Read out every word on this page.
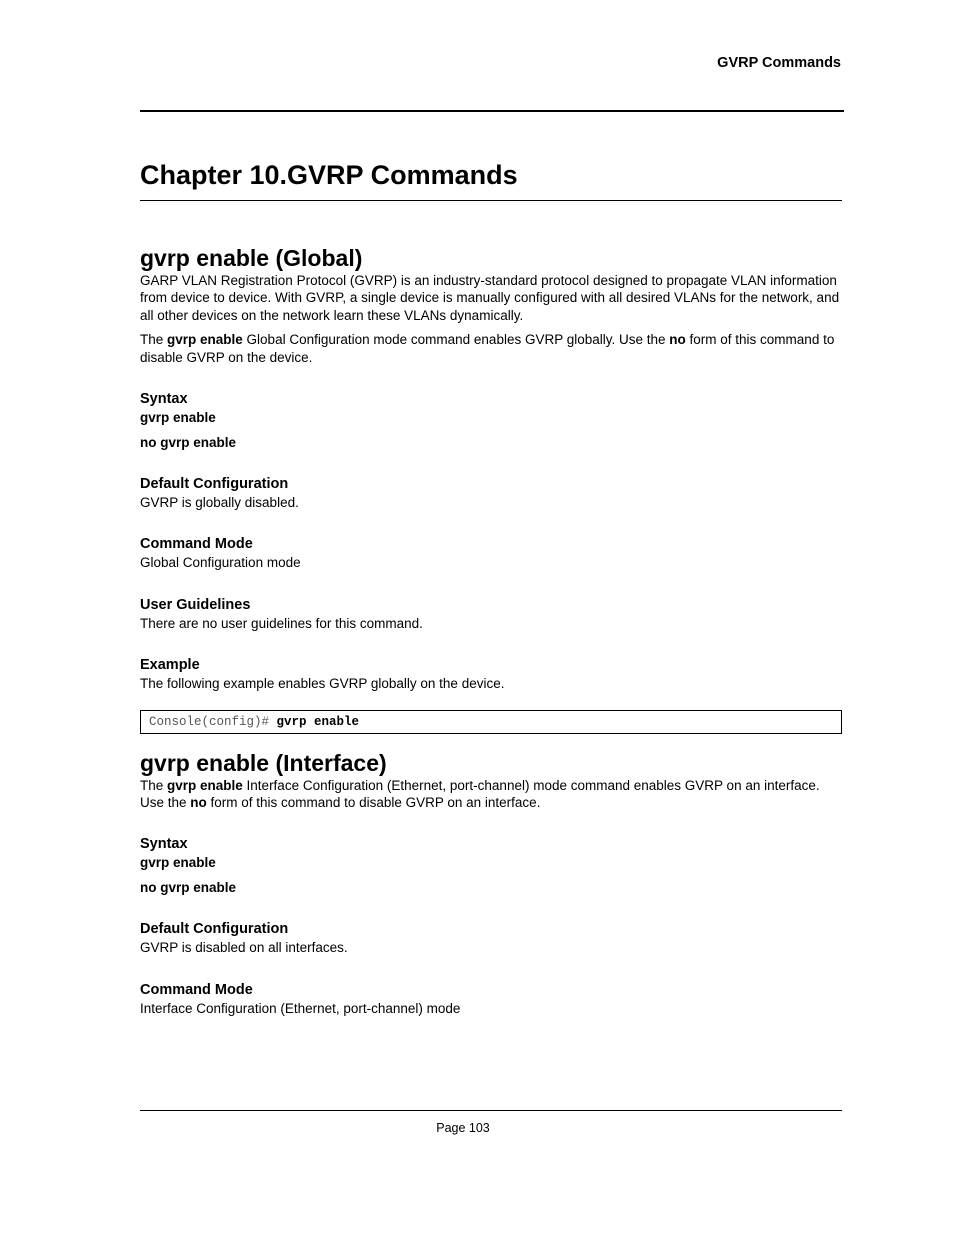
GVRP Commands
Chapter 10.GVRP Commands
gvrp enable (Global)

GARP VLAN Registration Protocol (GVRP) is an industry-standard protocol designed to propagate VLAN information from device to device. With GVRP, a single device is manually configured with all desired VLANs for the network, and all other devices on the network learn these VLANs dynamically.

The gvrp enable Global Configuration mode command enables GVRP globally. Use the no form of this command to disable GVRP on the device.

Syntax

gvrp enable

no gvrp enable

Default Configuration

GVRP is globally disabled.

Command Mode

Global Configuration mode

User Guidelines

There are no user guidelines for this command.

Example

The following example enables GVRP globally on the device.

Console(config)# gvrp enable
gvrp enable (Interface)

The gvrp enable Interface Configuration (Ethernet, port-channel) mode command enables GVRP on an interface. Use the no form of this command to disable GVRP on an interface.

Syntax

gvrp enable

no gvrp enable

Default Configuration

GVRP is disabled on all interfaces.

Command Mode

Interface Configuration (Ethernet, port-channel) mode

Page 103
